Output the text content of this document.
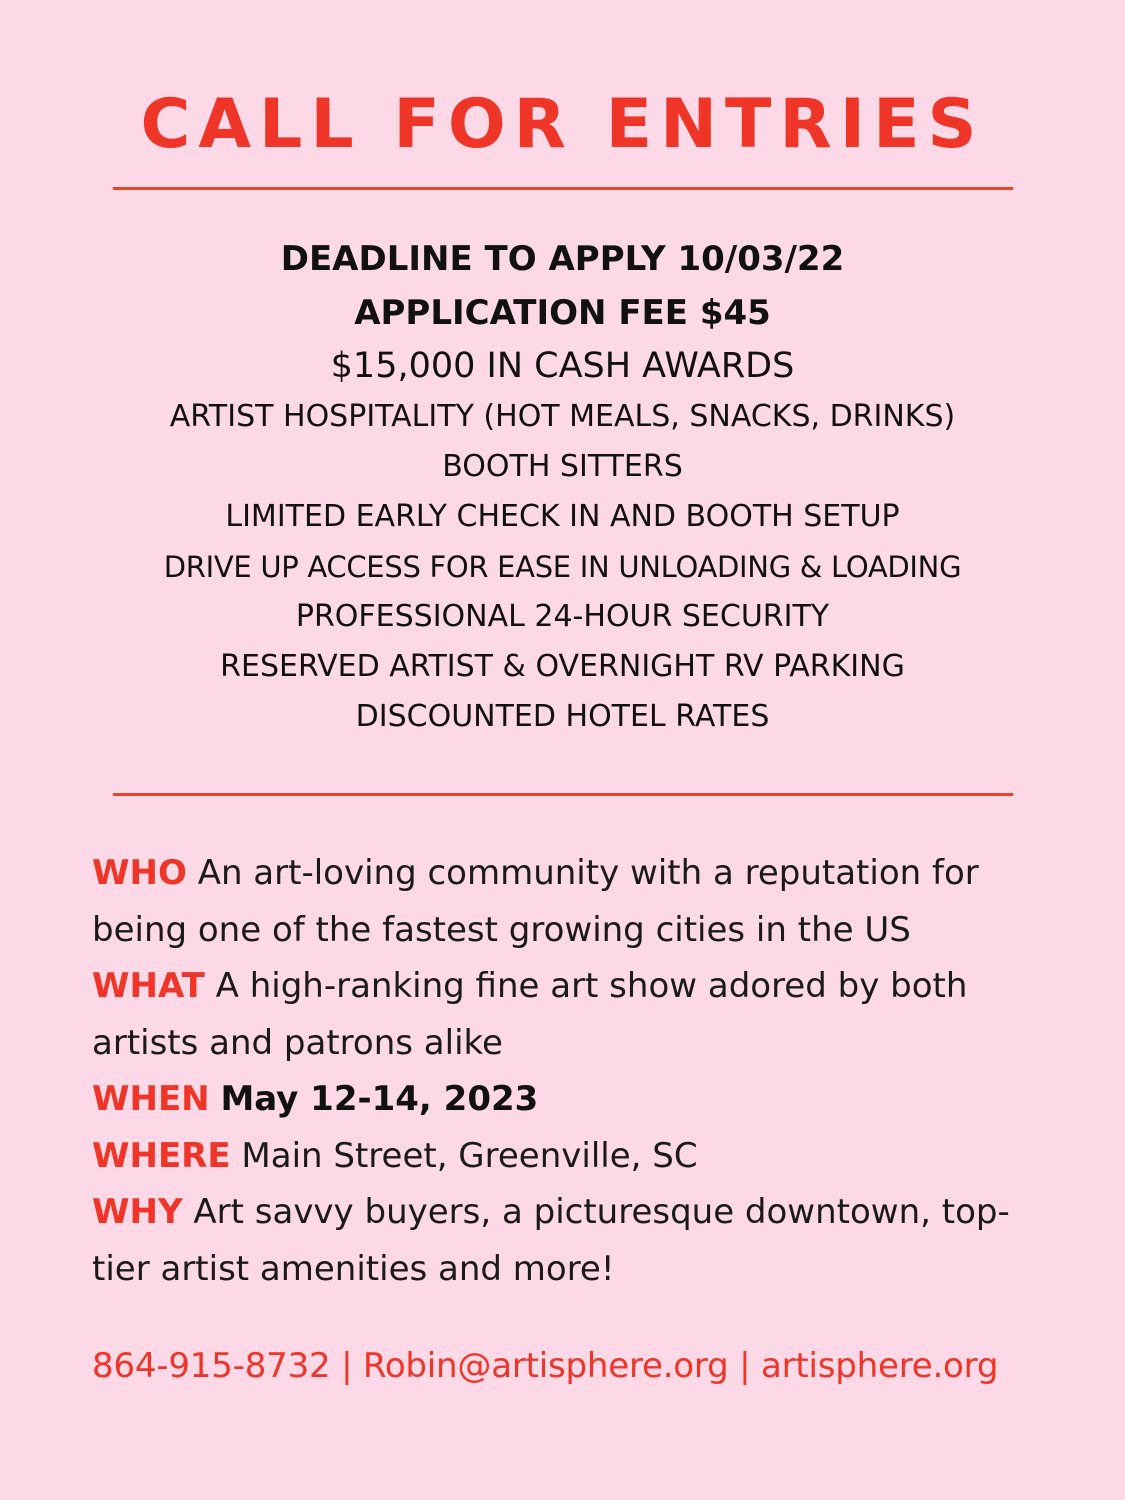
CALL FOR ENTRIES
DEADLINE TO APPLY 10/03/22
APPLICATION FEE $45
$15,000 IN CASH AWARDS
ARTIST HOSPITALITY (HOT MEALS, SNACKS, DRINKS)
BOOTH SITTERS
LIMITED EARLY CHECK IN AND BOOTH SETUP
DRIVE UP ACCESS FOR EASE IN UNLOADING & LOADING
PROFESSIONAL 24-HOUR SECURITY
RESERVED ARTIST & OVERNIGHT RV PARKING
DISCOUNTED HOTEL RATES
WHO An art-loving community with a reputation for being one of the fastest growing cities in the US
WHAT A high-ranking fine art show adored by both artists and patrons alike
WHEN May 12-14, 2023
WHERE Main Street, Greenville, SC
WHY Art savvy buyers, a picturesque downtown, top-tier artist amenities and more!
864-915-8732 | Robin@artisphere.org | artisphere.org
